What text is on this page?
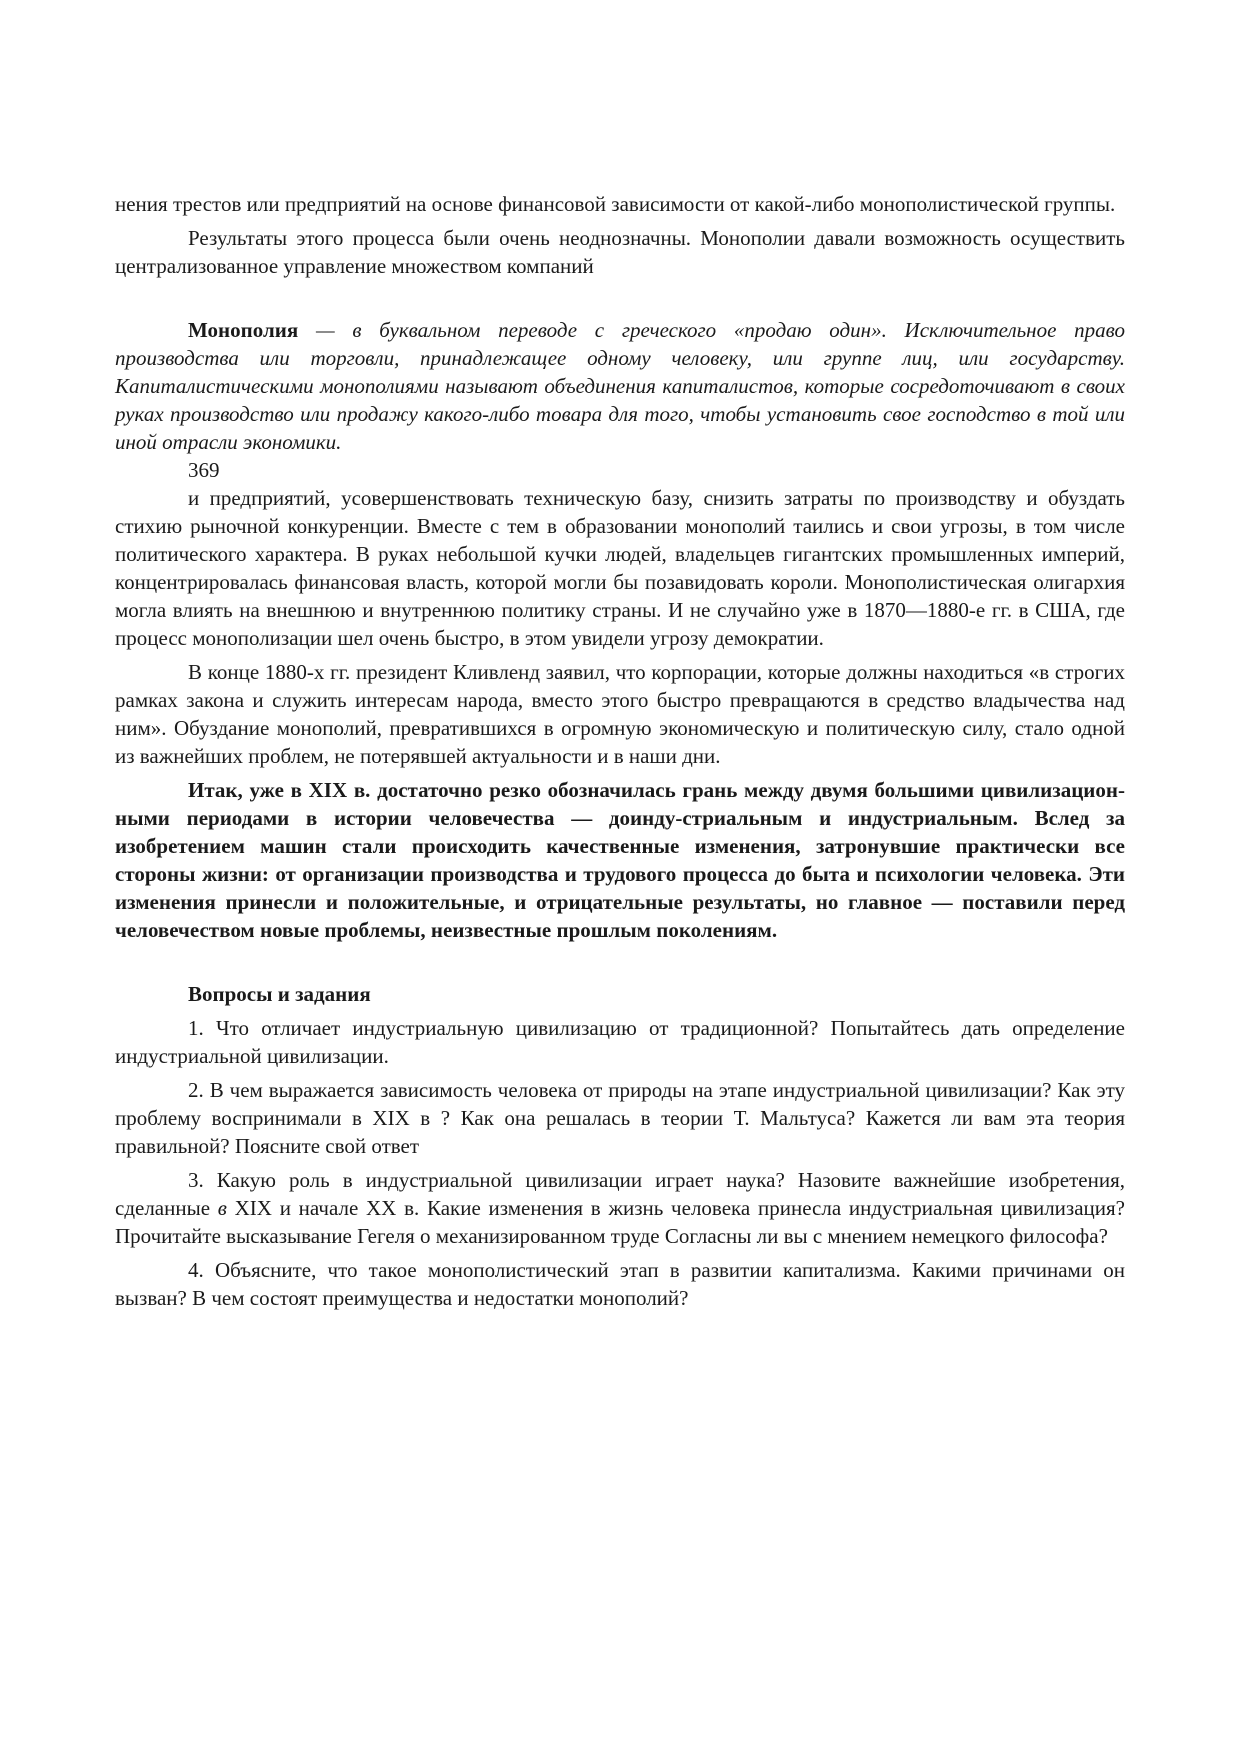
нения трестов или предприятий на основе финансовой зависимости от какой-либо монополистической группы.

Результаты этого процесса были очень неоднозначны. Монополии давали возможность осуществить централизованное управление множеством компаний

Монополия — в буквальном переводе с греческого «продаю один». Исключительное право производства или торговли, принадлежащее одному человеку, или группе лиц, или государству. Капиталистическими монополиями называют объединения капиталистов, которые сосредоточивают в своих руках производство или продажу какого-либо товара для того, чтобы установить свое господство в той или иной отрасли экономики.

369

и предприятий, усовершенствовать техническую базу, снизить затраты по производству и обуздать стихию рыночной конкуренции. Вместе с тем в образовании монополий таились и свои угрозы, в том числе политического характера. В руках небольшой кучки людей, владельцев гигантских промышленных империй, концентрировалась финансовая власть, которой могли бы позавидовать короли. Монополистическая олигархия могла влиять на внешнюю и внутреннюю политику страны. И не случайно уже в 1870—1880-е гг. в США, где процесс монополизации шел очень быстро, в этом увидели угрозу демократии.

В конце 1880-х гг. президент Кливленд заявил, что корпорации, которые должны находиться «в строгих рамках закона и служить интересам народа, вместо этого быстро превращаются в средство владычества над ним». Обуздание монополий, превратившихся в огромную экономическую и политическую силу, стало одной из важнейших проблем, не потерявшей актуальности и в наши дни.

Итак, уже в XIX в. достаточно резко обозначилась грань между двумя большими цивилизацион-ными периодами в истории человечества — доинду-стриальным и индустриальным. Вслед за изобретением машин стали происходить качественные изменения, затронувшие практически все стороны жизни: от организации производства и трудового процесса до быта и психологии человека. Эти изменения принесли и положительные, и отрицательные результаты, но главное — поставили перед человечеством новые проблемы, неизвестные прошлым поколениям.

Вопросы и задания

1. Что отличает индустриальную цивилизацию от традиционной? Попытайтесь дать определение индустриальной цивилизации.

2. В чем выражается зависимость человека от природы на этапе индустриальной цивилизации? Как эту проблему воспринимали в XIX в ? Как она решалась в теории Т. Мальтуса? Кажется ли вам эта теория правильной? Поясните свой ответ

3. Какую роль в индустриальной цивилизации играет наука? Назовите важнейшие изобретения, сделанные в XIX и начале XX в. Какие изменения в жизнь человека принесла индустриальная цивилизация? Прочитайте высказывание Гегеля о механизированном труде Согласны ли вы с мнением немецкого философа?

4. Объясните, что такое монополистический этап в развитии капитализма. Какими причинами он вызван? В чем состоят преимущества и недостатки монополий?
